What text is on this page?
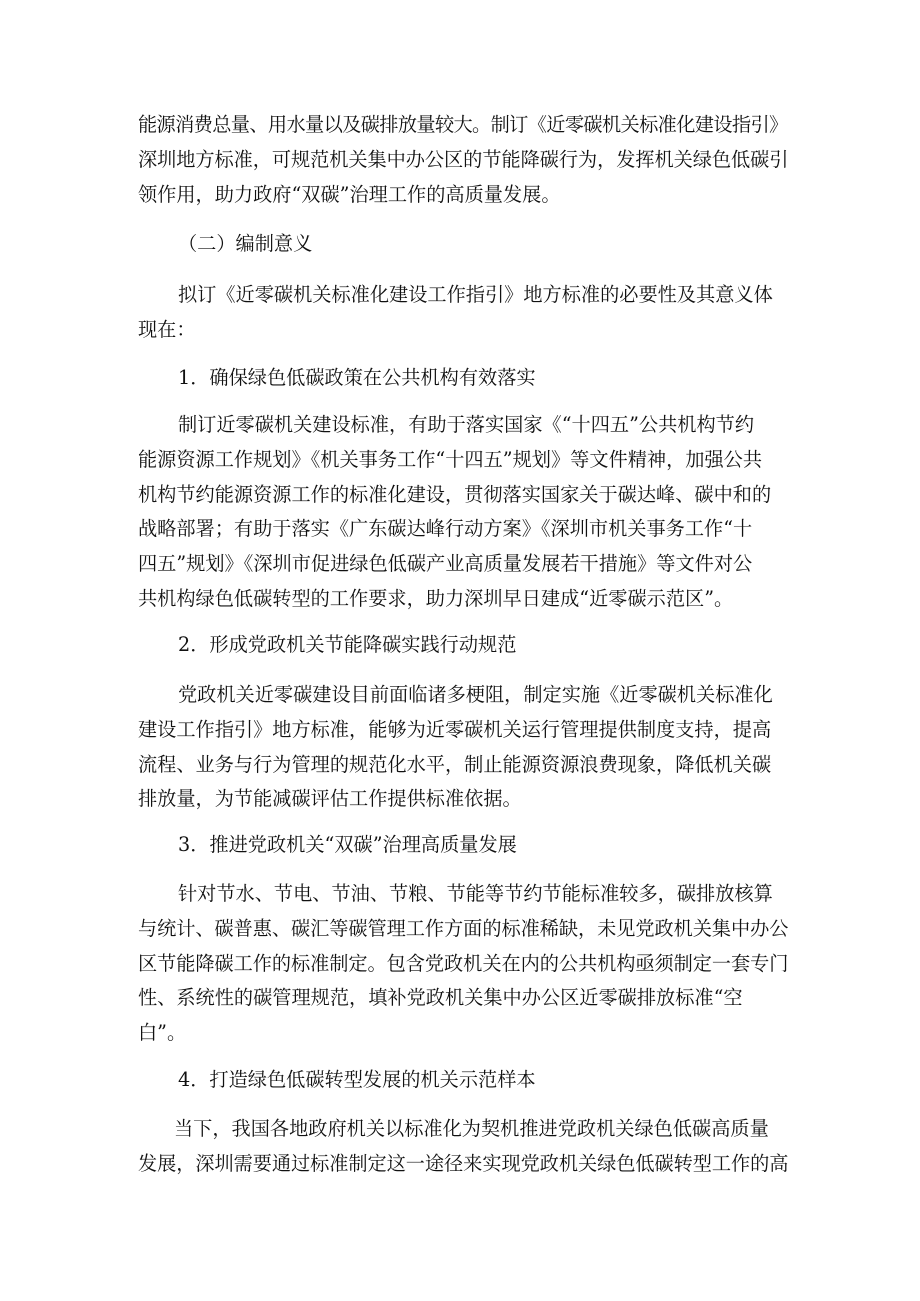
能源消费总量、用水量以及碳排放量较大。制订《近零碳机关标准化建设指引》
深圳地方标准，可规范机关集中办公区的节能降碳行为，发挥机关绿色低碳引
领作用，助力政府“双碳”治理工作的高质量发展。
（二）编制意义
拟订《近零碳机关标准化建设工作指引》地方标准的必要性及其意义体
现在：
1．确保绿色低碳政策在公共机构有效落实
制订近零碳机关建设标准，有助于落实国家《“十四五”公共机构节约
能源资源工作规划》《机关事务工作“十四五”规划》等文件精神，加强公共
机构节约能源资源工作的标准化建设，贯彻落实国家关于碳达峰、碳中和的
战略部署；有助于落实《广东碳达峰行动方案》《深圳市机关事务工作“十
四五”规划》《深圳市促进绿色低碳产业高质量发展若干措施》等文件对公
共机构绿色低碳转型的工作要求，助力深圳早日建成“近零碳示范区”。
2．形成党政机关节能降碳实践行动规范
党政机关近零碳建设目前面临诸多梗阻，制定实施《近零碳机关标准化
建设工作指引》地方标准，能够为近零碳机关运行管理提供制度支持，提高
流程、业务与行为管理的规范化水平，制止能源资源浪费现象，降低机关碳
排放量，为节能减碳评估工作提供标准依据。
3．推进党政机关“双碳”治理高质量发展
针对节水、节电、节油、节粮、节能等节约节能标准较多，碳排放核算
与统计、碳普惠、碳汇等碳管理工作方面的标准稀缺，未见党政机关集中办公
区节能降碳工作的标准制定。包含党政机关在内的公共机构亟须制定一套专门
性、系统性的碳管理规范，填补党政机关集中办公区近零碳排放标准“空
白”。
4．打造绿色低碳转型发展的机关示范样本
当下，我国各地政府机关以标准化为契机推进党政机关绿色低碳高质量
发展，深圳需要通过标准制定这一途径来实现党政机关绿色低碳转型工作的高
